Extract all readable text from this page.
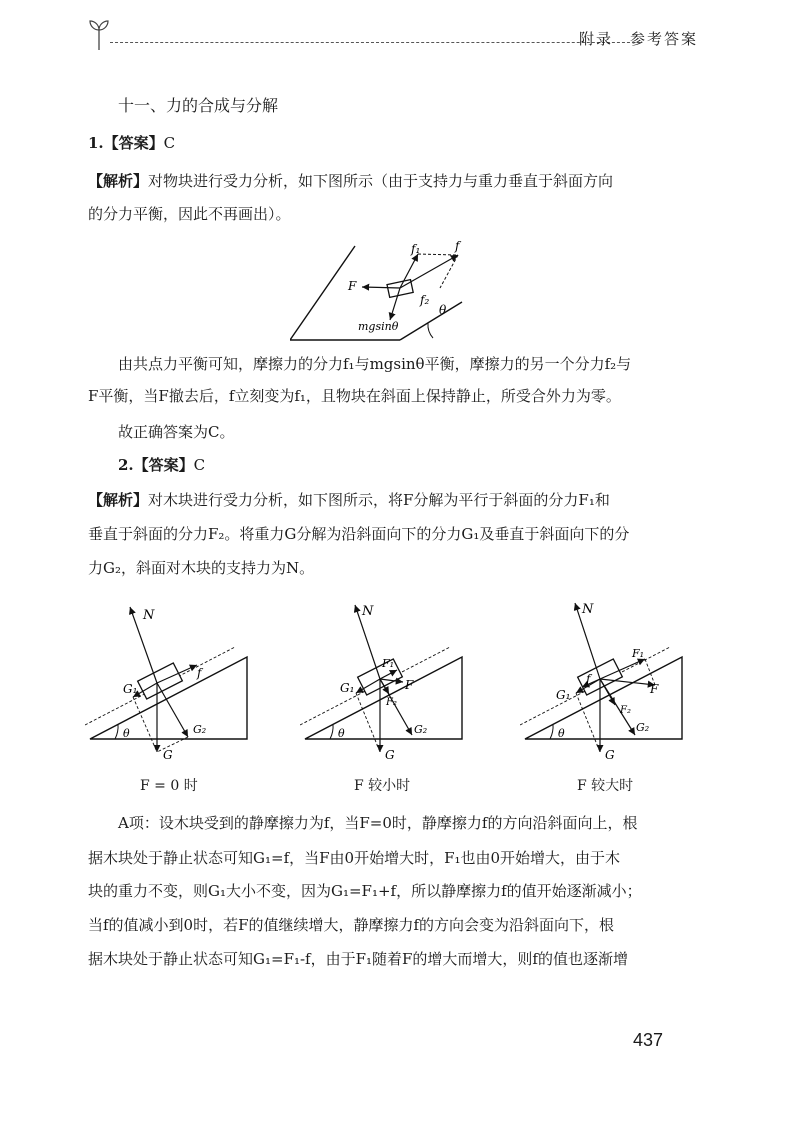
附录　参考答案
十一、力的合成与分解

1.【答案】C

【解析】对物块进行受力分析，如下图所示（由于支持力与重力垂直于斜面方向

的分力平衡，因此不再画出）。

f₁	f
F
f₂
θ
mgsinθ

由共点力平衡可知，摩擦力的分力f₁与mgsinθ平衡，摩擦力的另一个分力f₂与

F平衡，当F撤去后，f立刻变为f₁，且物块在斜面上保持静止，所受合外力为零。

故正确答案为C。

2.【答案】C

【解析】对木块进行受力分析，如下图所示，将F分解为平行于斜面的分力F₁和

垂直于斜面的分力F₂。将重力G分解为沿斜面向下的分力G₁及垂直于斜面向下的分

力G₂，斜面对木块的支持力为N。

N
G₁
f
G₂
G
θ
N
G₁
F₁
F
F₂
G₂
G
θ
N
G₁
f
F₁
F
F₂
G₂
G
θ
F = 0 时	F 较小时	F 较大时

A项：设木块受到的静摩擦力为f，当F=0时，静摩擦力f的方向沿斜面向上，根

据木块处于静止状态可知G₁=f，当F由0开始增大时，F₁也由0开始增大，由于木

块的重力不变，则G₁大小不变，因为G₁=F₁+f，所以静摩擦力f的值开始逐渐减小；

当f的值减小到0时，若F的值继续增大，静摩擦力f的方向会变为沿斜面向下，根

据木块处于静止状态可知G₁=F₁-f，由于F₁随着F的增大而增大，则f的值也逐渐增

437
